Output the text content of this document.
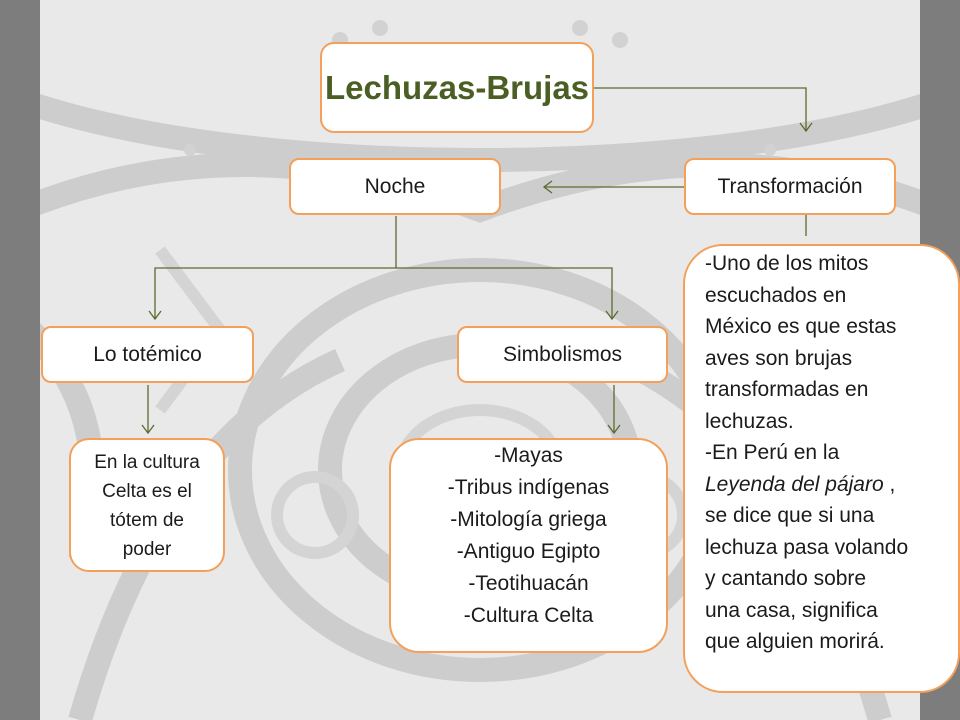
Lechuzas-Brujas
Noche	Transformación
Lo totémico	Simbolismos
En la cultura
Celta es el
tótem de
poder
-Mayas
-Tribus indígenas
-Mitología griega
-Antiguo Egipto
-Teotihuacán
-Cultura Celta
-Uno de los mitos
escuchados en
México es que estas
aves son brujas
transformadas en
lechuzas.
-En Perú en la
Leyenda del pájaro ,
se dice que si una
lechuza pasa volando
y cantando sobre
una casa, significa
que alguien morirá.
